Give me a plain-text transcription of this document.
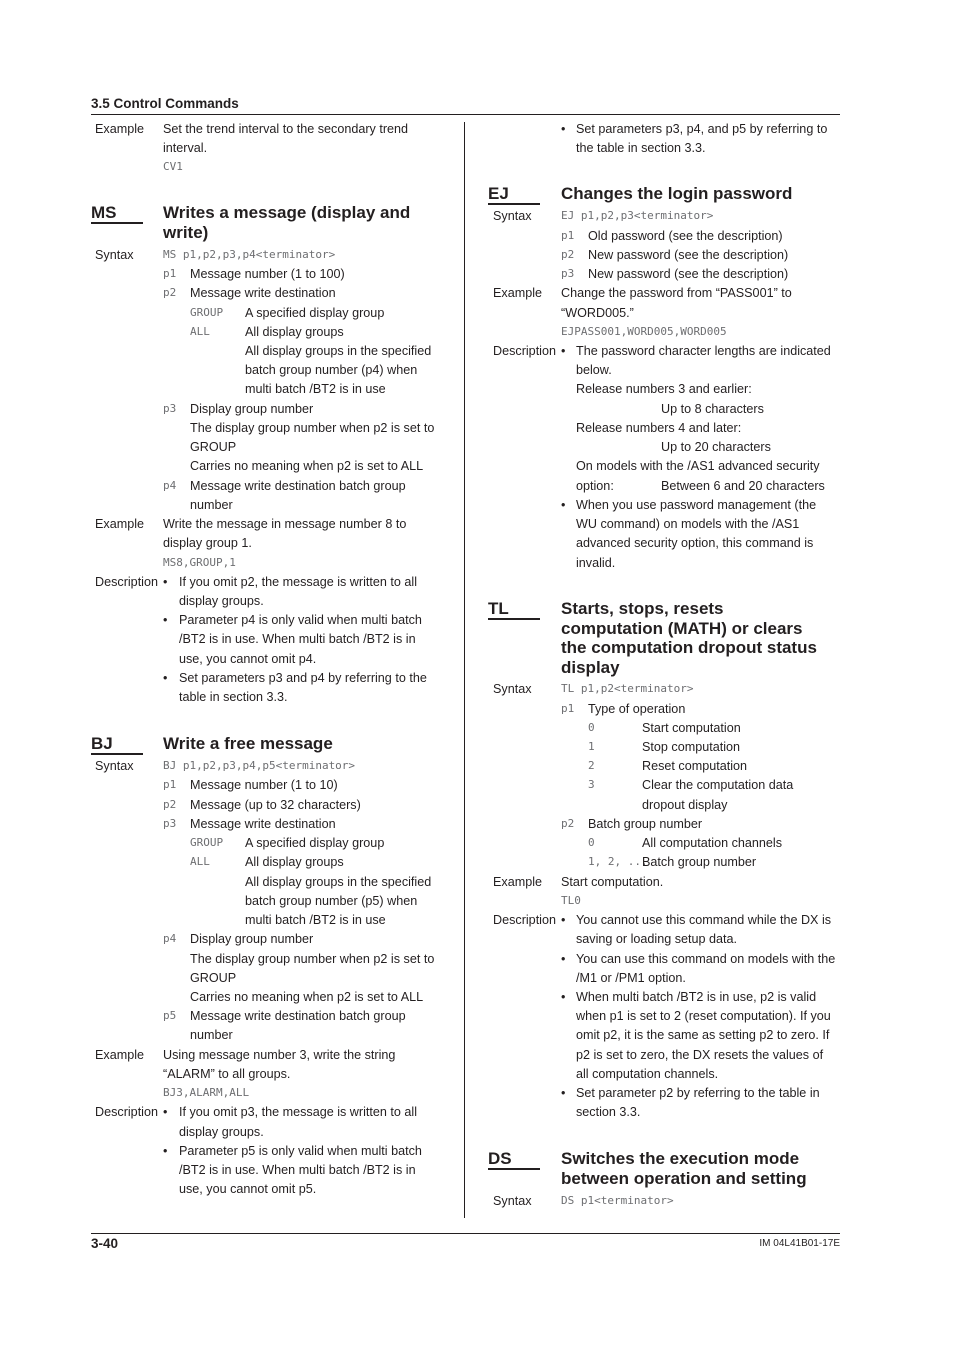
3.5 Control Commands
Example Set the trend interval to the secondary trend
interval.
CV1
MS	Writes a message (display and
write)
Syntax	MS p1,p2,p3,p4<terminator>
p1 Message number (1 to 100)
p2 Message write destination
GROUP A specified display group
ALL	All display groups
All display groups in the specified
batch group number (p4) when
multi batch /BT2 is in use
p3 Display group number
The display group number when p2 is set to
GROUP
Carries no meaning when p2 is set to ALL
p4 Message write destination batch group
number
Example Write the message in message number 8 to
display group 1.
MS8,GROUP,1
Description • If you omit p2, the message is written to all
display groups.
• Parameter p4 is only valid when multi batch
/BT2 is in use. When multi batch /BT2 is in
use, you cannot omit p4.
• Set parameters p3 and p4 by referring to the
table in section 3.3.
BJ	Write a free message
Syntax	BJ p1,p2,p3,p4,p5<terminator>
p1 Message number (1 to 10)
p2 Message (up to 32 characters)
p3 Message write destination
GROUP A specified display group
ALL	All display groups
All display groups in the specified
batch group number (p5) when
multi batch /BT2 is in use
p4 Display group number
The display group number when p2 is set to
GROUP
Carries no meaning when p2 is set to ALL
p5 Message write destination batch group
number
Example Using message number 3, write the string
“ALARM” to all groups.
BJ3,ALARM,ALL
Description • If you omit p3, the message is written to all
display groups.
• Parameter p5 is only valid when multi batch
/BT2 is in use. When multi batch /BT2 is in
use, you cannot omit p5.
• Set parameters p3, p4, and p5 by referring to
the table in section 3.3.
EJ	Changes the login password
Syntax	EJ p1,p2,p3<terminator>
p1 Old password (see the description)
p2 New password (see the description)
p3 New password (see the description)
Example Change the password from “PASS001” to
“WORD005.”
EJPASS001,WORD005,WORD005
Description • The password character lengths are indicated
below.
Release numbers 3 and earlier:
Up to 8 characters
Release numbers 4 and later:
Up to 20 characters
On models with the /AS1 advanced security
option:	Between 6 and 20 characters
• When you use password management (the
WU command) on models with the /AS1
advanced security option, this command is
invalid.
TL	Starts, stops, resets
computation (MATH) or clears
the computation dropout status
display
Syntax	TL p1,p2<terminator>
p1 Type of operation
0	Start computation
1	Stop computation
2	Reset computation
3	Clear the computation data
dropout display
p2 Batch group number
0	All computation channels
1, 2, ...
Batch group number
Example Start computation.
TL0
Description • You cannot use this command while the DX is
saving or loading setup data.
• You can use this command on models with the
/M1 or /PM1 option.
• When multi batch /BT2 is in use, p2 is valid
when p1 is set to 2 (reset computation). If you
omit p2, it is the same as setting p2 to zero. If
p2 is set to zero, the DX resets the values of
all computation channels.
• Set parameter p2 by referring to the table in
section 3.3.
DS	Switches the execution mode
between operation and setting
Syntax	DS p1<terminator>
3-40	IM 04L41B01-17E
